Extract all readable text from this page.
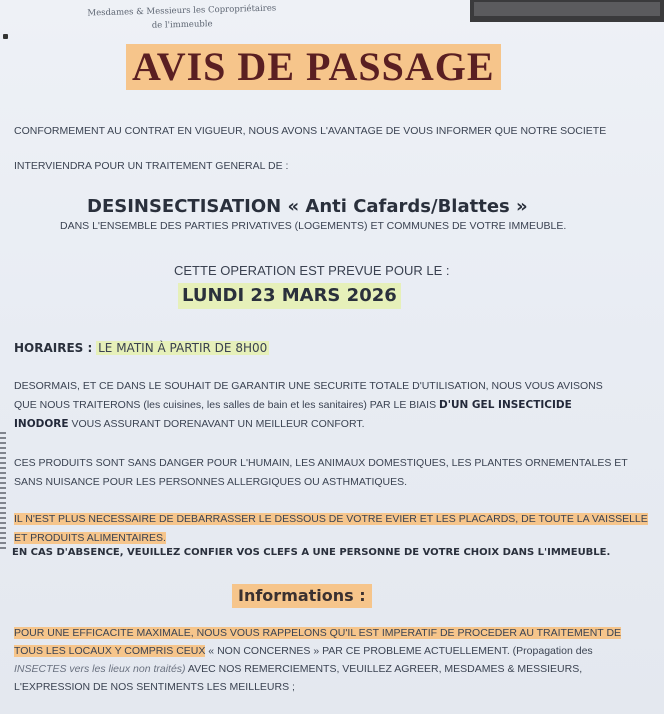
Mesdames & Messieurs les Copropriétaires
de l'immeuble
AVIS DE PASSAGE
CONFORMEMENT AU CONTRAT EN VIGUEUR, NOUS AVONS L'AVANTAGE DE VOUS INFORMER QUE NOTRE SOCIETE
INTERVIENDRA POUR UN TRAITEMENT GENERAL DE :
DESINSECTISATION « Anti Cafards/Blattes »
DANS L'ENSEMBLE DES PARTIES PRIVATIVES (LOGEMENTS) ET COMMUNES DE VOTRE IMMEUBLE.
CETTE OPERATION EST PREVUE POUR LE :
LUNDI 23 MARS 2026
HORAIRES : LE MATIN À PARTIR DE 8H00
DESORMAIS, ET CE DANS LE SOUHAIT DE GARANTIR UNE SECURITE TOTALE D'UTILISATION, NOUS VOUS AVISONS
QUE NOUS TRAITERONS (les cuisines, les salles de bain et les sanitaires) PAR LE BIAIS D'UN GEL INSECTICIDE
INODORE VOUS ASSURANT DORENAVANT UN MEILLEUR CONFORT.
CES PRODUITS SONT SANS DANGER POUR L'HUMAIN, LES ANIMAUX DOMESTIQUES, LES PLANTES ORNEMENTALES ET
SANS NUISANCE POUR LES PERSONNES ALLERGIQUES OU ASTHMATIQUES.
IL N'EST PLUS NECESSAIRE DE DEBARRASSER LE DESSOUS DE VOTRE EVIER ET LES PLACARDS, DE TOUTE LA VAISSELLE
ET PRODUITS ALIMENTAIRES.
EN CAS D'ABSENCE, VEUILLEZ CONFIER VOS CLEFS A UNE PERSONNE DE VOTRE CHOIX DANS L'IMMEUBLE.
Informations :
POUR UNE EFFICACITE MAXIMALE, NOUS VOUS RAPPELONS QU'IL EST IMPERATIF DE PROCEDER AU TRAITEMENT DE
TOUS LES LOCAUX Y COMPRIS CEUX « NON CONCERNES » PAR CE PROBLEME ACTUELLEMENT. (Propagation des
INSECTES vers les lieux non traités) AVEC NOS REMERCIEMENTS, VEUILLEZ AGREER, MESDAMES & MESSIEURS,
L'EXPRESSION DE NOS SENTIMENTS LES MEILLEURS ;
